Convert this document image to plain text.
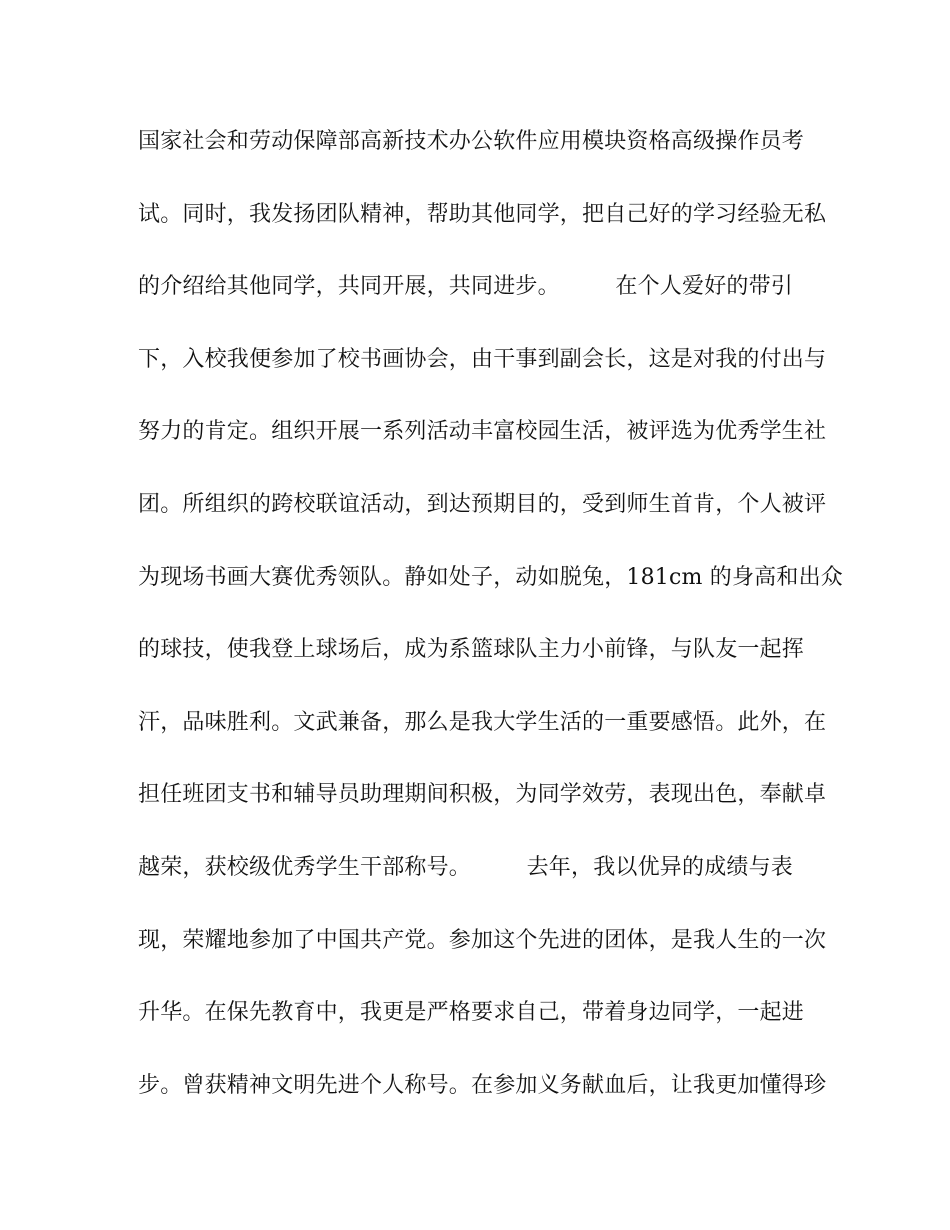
国家社会和劳动保障部高新技术办公软件应用模块资格高级操作员考
试。同时，我发扬团队精神，帮助其他同学，把自己好的学习经验无私
的介绍给其他同学，共同开展，共同进步。　　　在个人爱好的带引
下，入校我便参加了校书画协会，由干事到副会长，这是对我的付出与
努力的肯定。组织开展一系列活动丰富校园生活，被评选为优秀学生社
团。所组织的跨校联谊活动，到达预期目的，受到师生首肯，个人被评
为现场书画大赛优秀领队。静如处子，动如脱兔，181cm 的身高和出众
的球技，使我登上球场后，成为系篮球队主力小前锋，与队友一起挥
汗，品味胜利。文武兼备，那么是我大学生活的一重要感悟。此外，在
担任班团支书和辅导员助理期间积极，为同学效劳，表现出色，奉献卓
越荣，获校级优秀学生干部称号。　　　去年，我以优异的成绩与表
现，荣耀地参加了中国共产党。参加这个先进的团体，是我人生的一次
升华。在保先教育中，我更是严格要求自己，带着身边同学，一起进
步。曾获精神文明先进个人称号。在参加义务献血后，让我更加懂得珍
